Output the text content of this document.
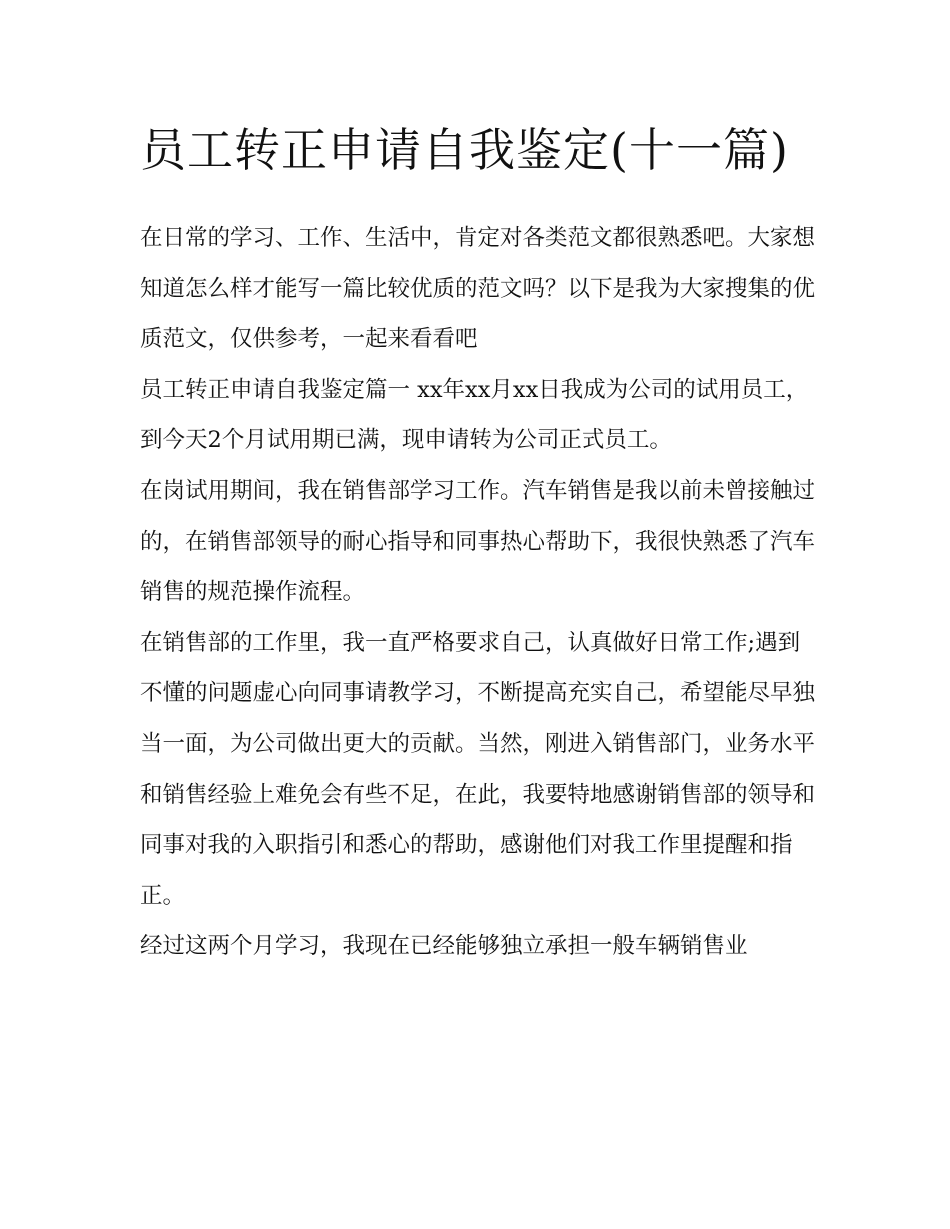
员工转正申请自我鉴定(十一篇)

在日常的学习、工作、生活中，肯定对各类范文都很熟悉吧。大家想知道怎么样才能写一篇比较优质的范文吗？以下是我为大家搜集的优质范文，仅供参考，一起来看看吧

员工转正申请自我鉴定篇一 xx年xx月xx日我成为公司的试用员工，到今天2个月试用期已满，现申请转为公司正式员工。

在岗试用期间，我在销售部学习工作。汽车销售是我以前未曾接触过的，在销售部领导的耐心指导和同事热心帮助下，我很快熟悉了汽车销售的规范操作流程。

在销售部的工作里，我一直严格要求自己，认真做好日常工作;遇到不懂的问题虚心向同事请教学习，不断提高充实自己，希望能尽早独当一面，为公司做出更大的贡献。当然，刚进入销售部门，业务水平和销售经验上难免会有些不足，在此，我要特地感谢销售部的领导和同事对我的入职指引和悉心的帮助，感谢他们对我工作里提醒和指正。

经过这两个月学习，我现在已经能够独立承担一般车辆销售业
